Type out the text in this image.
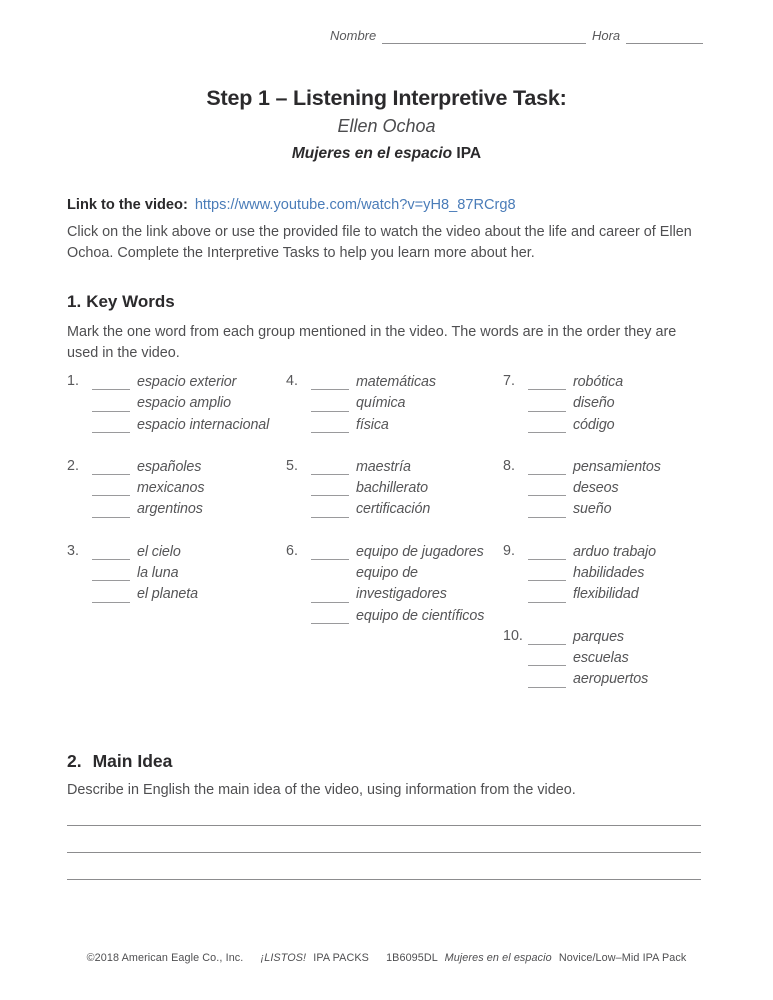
Nombre	Hora
Step 1 – Listening Interpretive Task:
Ellen Ochoa
Mujeres en el espacio IPA
Link to the video: https://www.youtube.com/watch?v=yH8_87RCrg8
Click on the link above or use the provided file to watch the video about the life and career of Ellen Ochoa. Complete the Interpretive Tasks to help you learn more about her.
1. Key Words
Mark the one word from each group mentioned in the video. The words are in the order they are used in the video.
1.	espacio exterior
espacio amplio
espacio internacional
2.	españoles
mexicanos
argentinos
3.	el cielo
la luna
el planeta
4.	matemáticas
química
física
5.	maestría
bachillerato
certificación
6.	equipo de jugadores
equipo de investigadores
equipo de científicos
7.	robótica
diseño
código
8.	pensamientos
deseos
sueño
9.	arduo trabajo
habilidades
flexibilidad
10.	parques
escuelas
aeropuertos
2. Main Idea
Describe in English the main idea of the video, using information from the video.
©2018 American Eagle Co., Inc. ¡LISTOS! IPA PACKS 1B6095DL Mujeres en el espacio Novice/Low–Mid IPA Pack
